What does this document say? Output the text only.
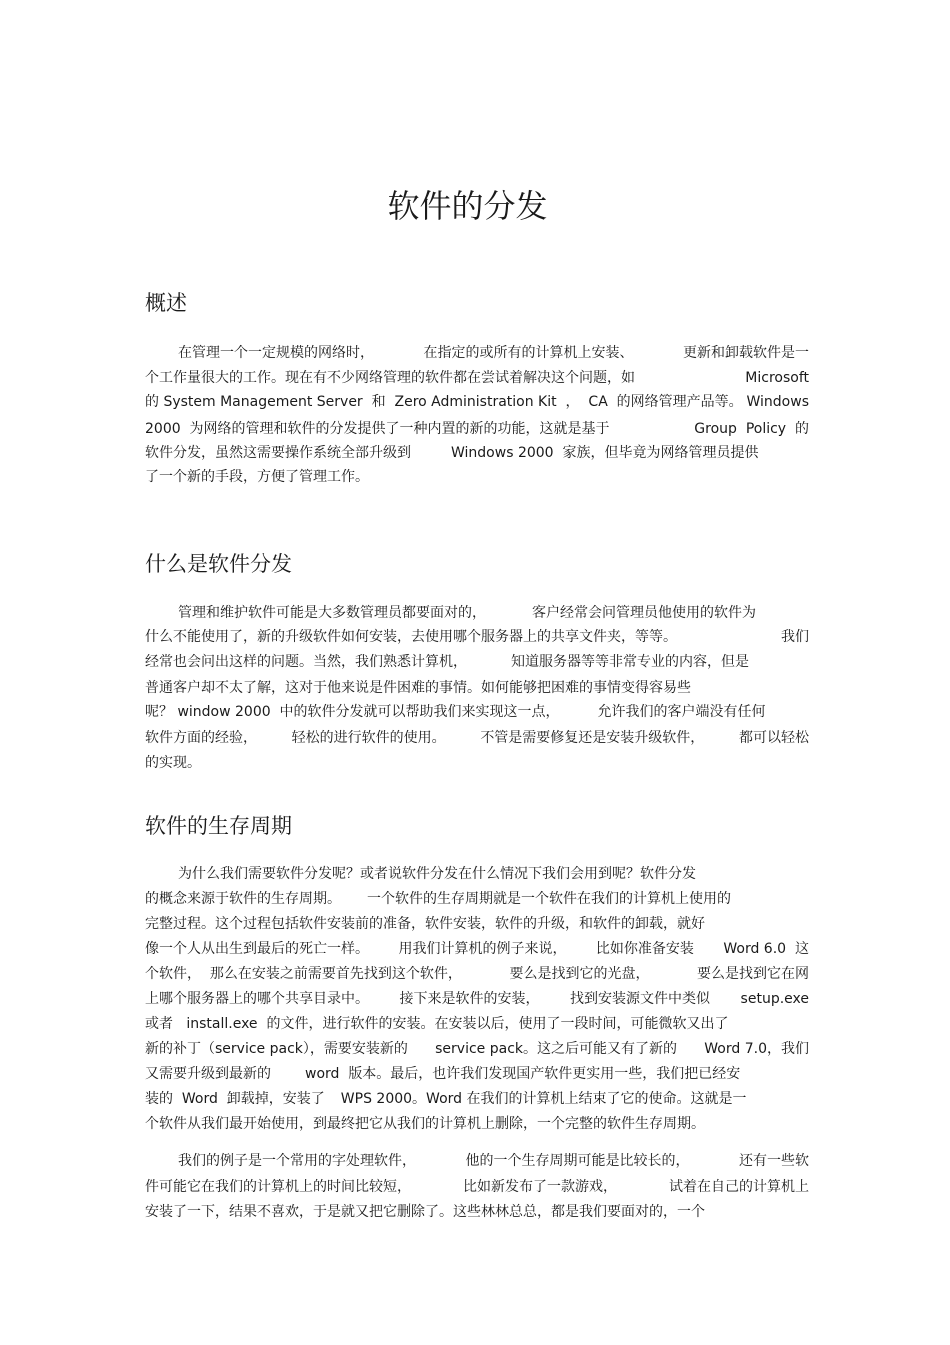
软件的分发
概述
在管理一个一定规模的网络时，	在指定的或所有的计算机上安装、	更新和卸载软件是一
个工作量很大的工作。现在有不少网络管理的软件都在尝试着解决这个问题，如	Microsoft
的 System Management Server  和  Zero Administration Kit  ，  CA  的网络管理产品等。 Windows
2000  为网络的管理和软件的分发提供了一种内置的新的功能，这就是基于	Group  Policy  的
软件分发，虽然这需要操作系统全部升级到	Windows 2000  家族，但毕竟为网络管理员提供
了一个新的手段，方便了管理工作。
什么是软件分发
管理和维护软件可能是大多数管理员都要面对的，	客户经常会问管理员他使用的软件为
什么不能使用了，新的升级软件如何安装，去使用哪个服务器上的共享文件夹，等等。	我们
经常也会问出这样的问题。当然，我们熟悉计算机，	知道服务器等等非常专业的内容，但是
普通客户却不太了解，这对于他来说是件困难的事情。如何能够把困难的事情变得容易些
呢？ window 2000  中的软件分发就可以帮助我们来实现这一点，	允许我们的客户端没有任何
软件方面的经验， 轻松的进行软件的使用。 不管是需要修复还是安装升级软件， 都可以轻松
的实现。
软件的生存周期
为什么我们需要软件分发呢？或者说软件分发在什么情况下我们会用到呢？软件分发
的概念来源于软件的生存周期。 一个软件的生存周期就是一个软件在我们的计算机上使用的
完整过程。这个过程包括软件安装前的准备，软件安装，软件的升级，和软件的卸载，就好
像一个人从出生到最后的死亡一样。 用我们计算机的例子来说， 比如你准备安装 Word 6.0  这
个软件，  那么在安装之前需要首先找到这个软件，	要么是找到它的光盘，	要么是找到它在网
上哪个服务器上的哪个共享目录中。 接下来是软件的安装， 找到安装源文件中类似 setup.exe
或者   install.exe  的文件，进行软件的安装。在安装以后，使用了一段时间，可能微软又出了
新的补丁（service pack），需要安装新的 service pack。这之后可能又有了新的 Word 7.0，我们
又需要升级到最新的 word  版本。最后，也许我们发现国产软件更实用一些，我们把已经安
装的  Word  卸载掉，安装了 WPS 2000。Word 在我们的计算机上结束了它的使命。这就是一
个软件从我们最开始使用，到最终把它从我们的计算机上删除，一个完整的软件生存周期。
我们的例子是一个常用的字处理软件，	他的一个生存周期可能是比较长的，	还有一些软
件可能它在我们的计算机上的时间比较短，	比如新发布了一款游戏，	试着在自己的计算机上
安装了一下，结果不喜欢，于是就又把它删除了。这些林林总总，都是我们要面对的，一个
